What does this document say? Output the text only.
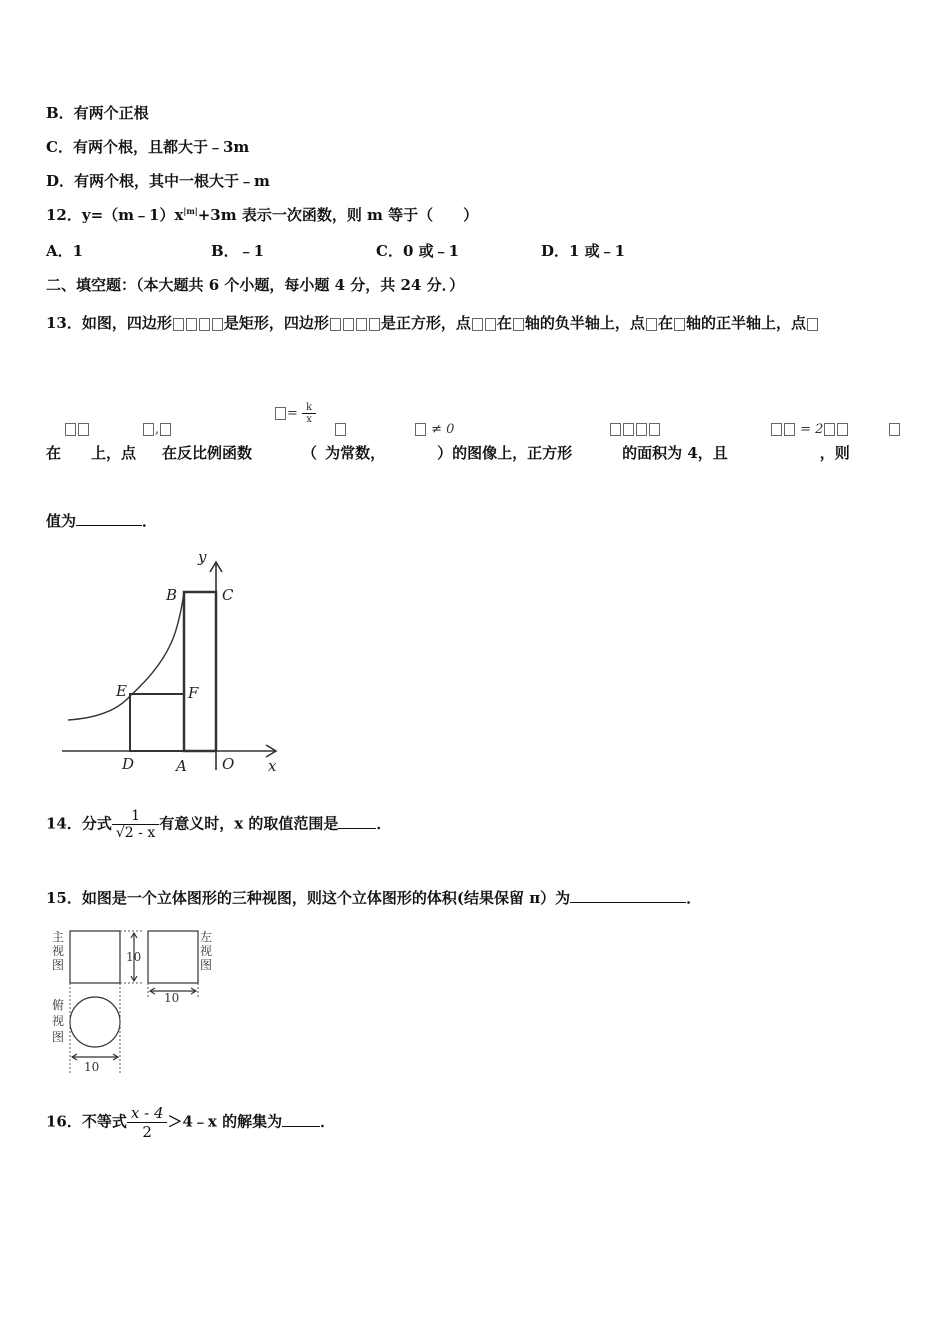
B．有两个正根
C．有两个根，且都大于﹣3m
D．有两个根，其中一根大于﹣m
12．$y=(m﹣1)x^{|m|}+3m$ 表示一次函数，则 m 等于（　　）
A．1	B．﹣1	C．0 或﹣1	D．1 或﹣1
二、填空题：（本大题共 6 个小题，每小题 4 分，共 24 分．）
13．如图，四边形	是矩形，四边形	是正方形，点 在 轴的负半轴上，点 在 轴的正半轴上，点
,
= $\frac{k}{x}$
≠ 0	= 2
在 上，点 在反比例函数	（ 为常数，	）的图像上，正方形	的面积为 4，且	，则
值为	．
y
B	C
E	F
D	A O x
14．分式 $\frac{1}{√2 - x}$ 有意义时，x 的取值范围是	．
15．如图是一个立体图形的三种视图，则这个立体图形的体积(结果保留 π）为	．
主
视
图
左
视
图
俯
视
图
10
10
10
16．不等式 $\frac{x - 4}{2}$ ＞4﹣x 的解集为	．
